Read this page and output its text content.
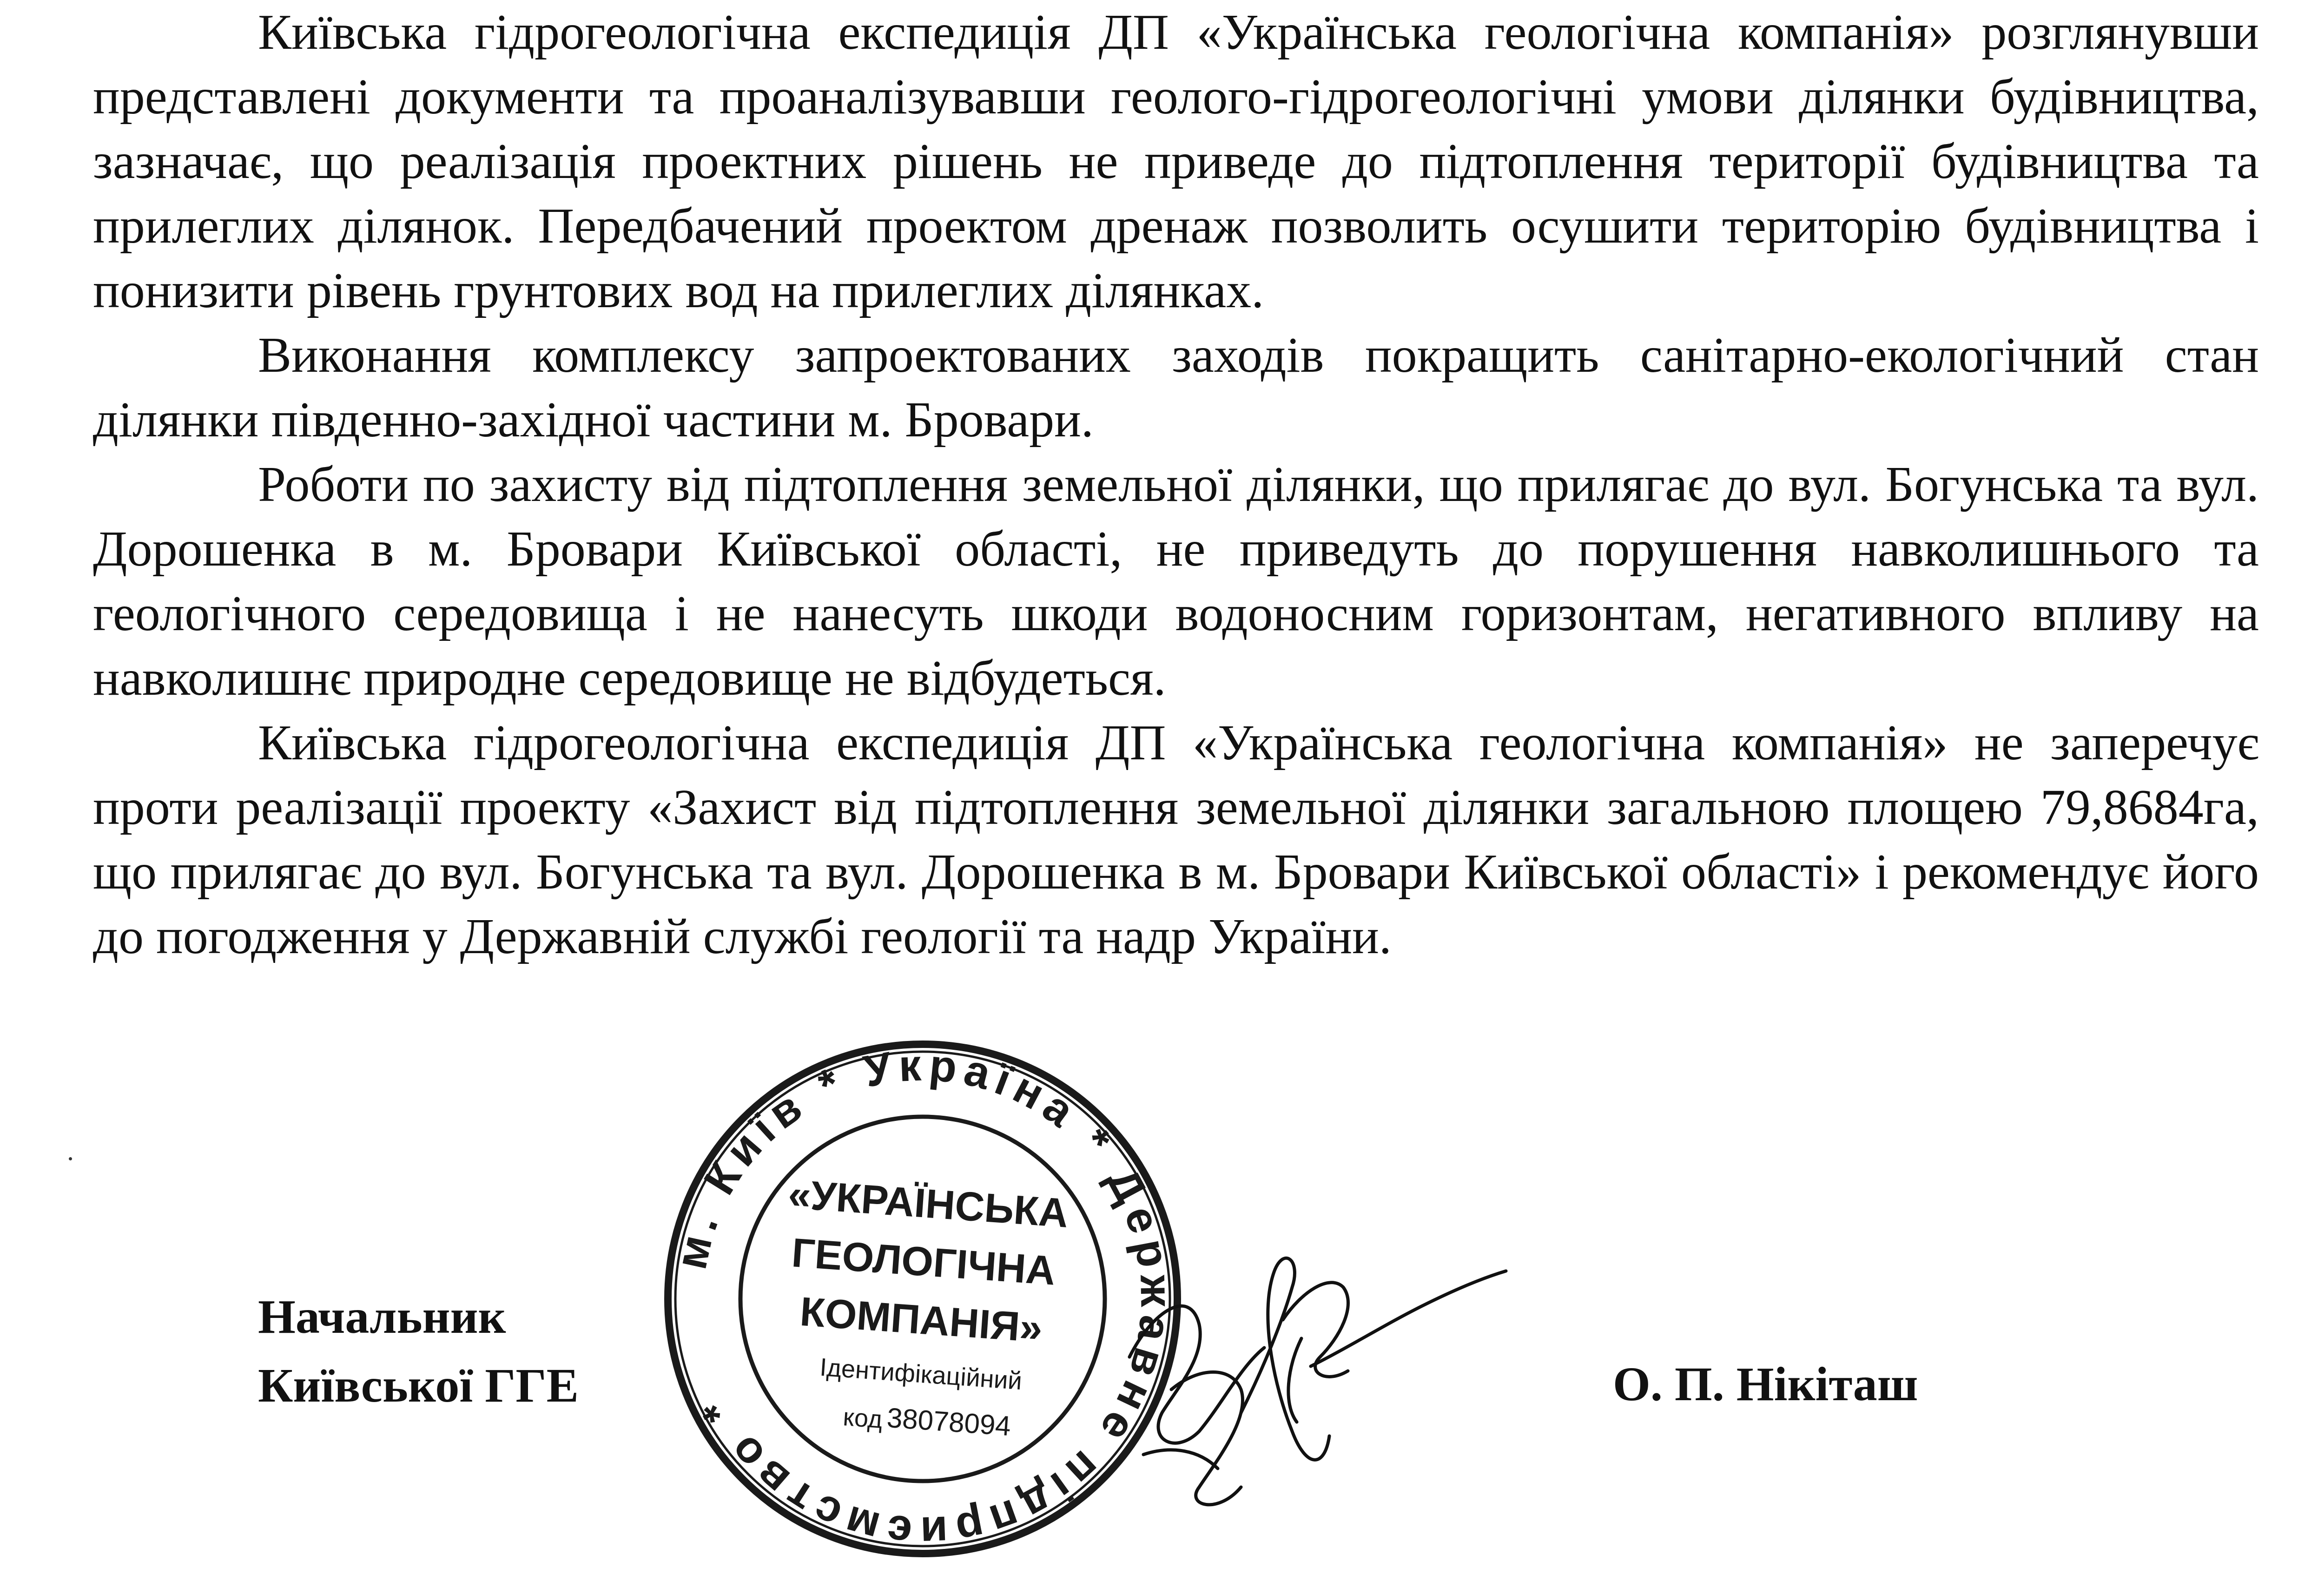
Київська гідрогеологічна експедиція ДП «Українська геологічна компанія» розглянувши представлені документи та проаналізувавши геолого-гідрогеологічні умови ділянки будівництва, зазначає, що реалізація проектних рішень не приведе до підтоплення території будівництва та прилеглих ділянок. Передбачений проектом дренаж позволить осушити територію будівництва і понизити рівень грунтових вод на прилеглих ділянках.

Виконання комплексу запроектованих заходів покращить санітарно-екологічний стан ділянки південно-західної частини м. Бровари.

Роботи по захисту від підтоплення земельної ділянки, що прилягає до вул. Богунська та вул. Дорошенка в м. Бровари Київської області, не приведуть до порушення навколишнього та геологічного середовища і не нанесуть шкоди водоносним горизонтам, негативного впливу на навколишнє природне середовище не відбудеться.

Київська гідрогеологічна експедиція ДП «Українська геологічна компанія» не заперечує проти реалізації проекту «Захист від підтоплення земельної ділянки загальною площею 79,8684га, що прилягає до вул. Богунська та вул. Дорошенка в м. Бровари Київської області» і рекомендує його до погодження у Державній службі геології та надр України.

м. Київ * Україна * Державне підприємство *
«УКРАЇНСЬКА
ГЕОЛОГІЧНА
КОМПАНІЯ»
Ідентифікаційний
код 38078094
Начальник
Київської ГГЕ	О. П. Нікіташ
